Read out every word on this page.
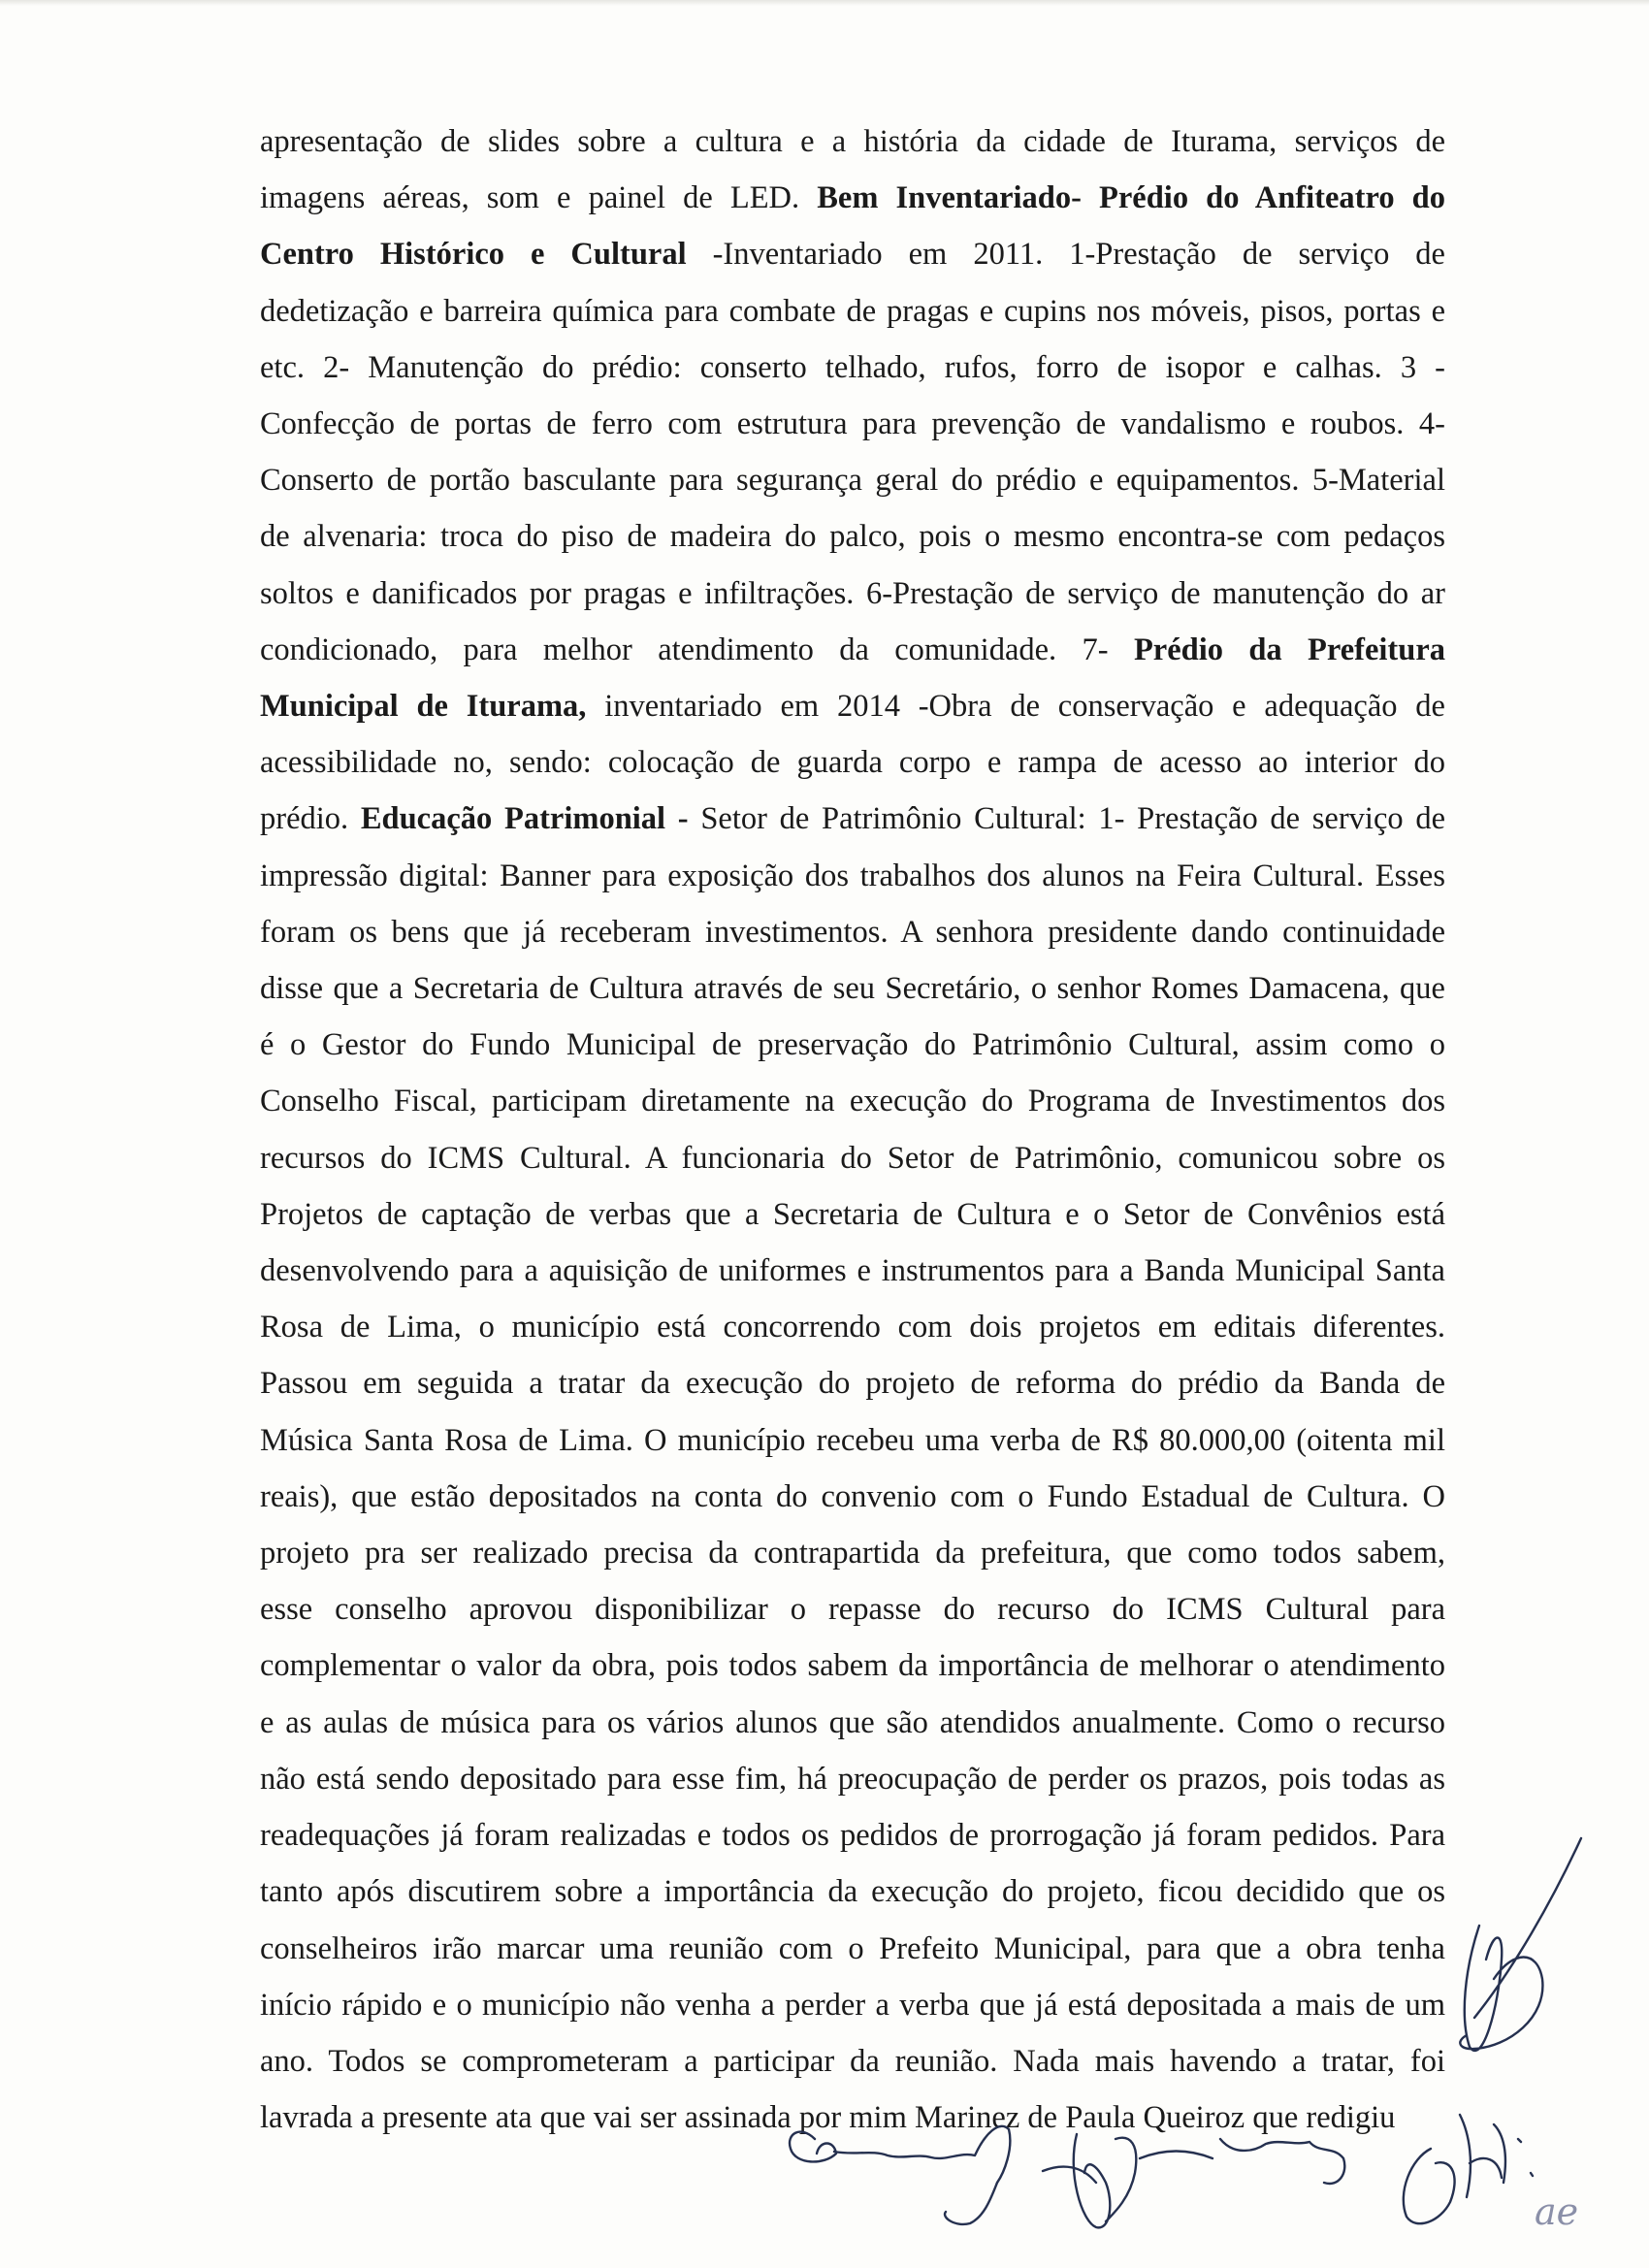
apresentação de slides sobre a cultura e a história da cidade de Iturama, serviços de
imagens aéreas, som e painel de LED. Bem Inventariado- Prédio do Anfiteatro do
Centro Histórico e Cultural -Inventariado em 2011. 1-Prestação de serviço de
dedetização e barreira química para combate de pragas e cupins nos móveis, pisos, portas e
etc. 2- Manutenção do prédio: conserto telhado, rufos, forro de isopor e calhas. 3 -
Confecção de portas de ferro com estrutura para prevenção de vandalismo e roubos. 4-
Conserto de portão basculante para segurança geral do prédio e equipamentos. 5-Material
de alvenaria: troca do piso de madeira do palco, pois o mesmo encontra-se com pedaços
soltos e danificados por pragas e infiltrações. 6-Prestação de serviço de manutenção do ar
condicionado, para melhor atendimento da comunidade. 7- Prédio da Prefeitura
Municipal de Iturama, inventariado em 2014 -Obra de conservação e adequação de
acessibilidade no, sendo: colocação de guarda corpo e rampa de acesso ao interior do
prédio. Educação Patrimonial - Setor de Patrimônio Cultural: 1- Prestação de serviço de
impressão digital: Banner para exposição dos trabalhos dos alunos na Feira Cultural. Esses
foram os bens que já receberam investimentos. A senhora presidente dando continuidade
disse que a Secretaria de Cultura através de seu Secretário, o senhor Romes Damacena, que
é o Gestor do Fundo Municipal de preservação do Patrimônio Cultural, assim como o
Conselho Fiscal, participam diretamente na execução do Programa de Investimentos dos
recursos do ICMS Cultural. A funcionaria do Setor de Patrimônio, comunicou sobre os
Projetos de captação de verbas que a Secretaria de Cultura e o Setor de Convênios está
desenvolvendo para a aquisição de uniformes e instrumentos para a Banda Municipal Santa
Rosa de Lima, o município está concorrendo com dois projetos em editais diferentes.
Passou em seguida a tratar da execução do projeto de reforma do prédio da Banda de
Música Santa Rosa de Lima. O município recebeu uma verba de R$ 80.000,00 (oitenta mil
reais), que estão depositados na conta do convenio com o Fundo Estadual de Cultura. O
projeto pra ser realizado precisa da contrapartida da prefeitura, que como todos sabem,
esse conselho aprovou disponibilizar o repasse do recurso do ICMS Cultural para
complementar o valor da obra, pois todos sabem da importância de melhorar o atendimento
e as aulas de música para os vários alunos que são atendidos anualmente. Como o recurso
não está sendo depositado para esse fim, há preocupação de perder os prazos, pois todas as
readequações já foram realizadas e todos os pedidos de prorrogação já foram pedidos. Para
tanto após discutirem sobre a importância da execução do projeto, ficou decidido que os
conselheiros irão marcar uma reunião com o Prefeito Municipal, para que a obra tenha
início rápido e o município não venha a perder a verba que já está depositada a mais de um
ano. Todos se comprometeram a participar da reunião. Nada mais havendo a tratar, foi
lavrada a presente ata que vai ser assinada por mim Marinez de Paula Queiroz que redigiu
ae
